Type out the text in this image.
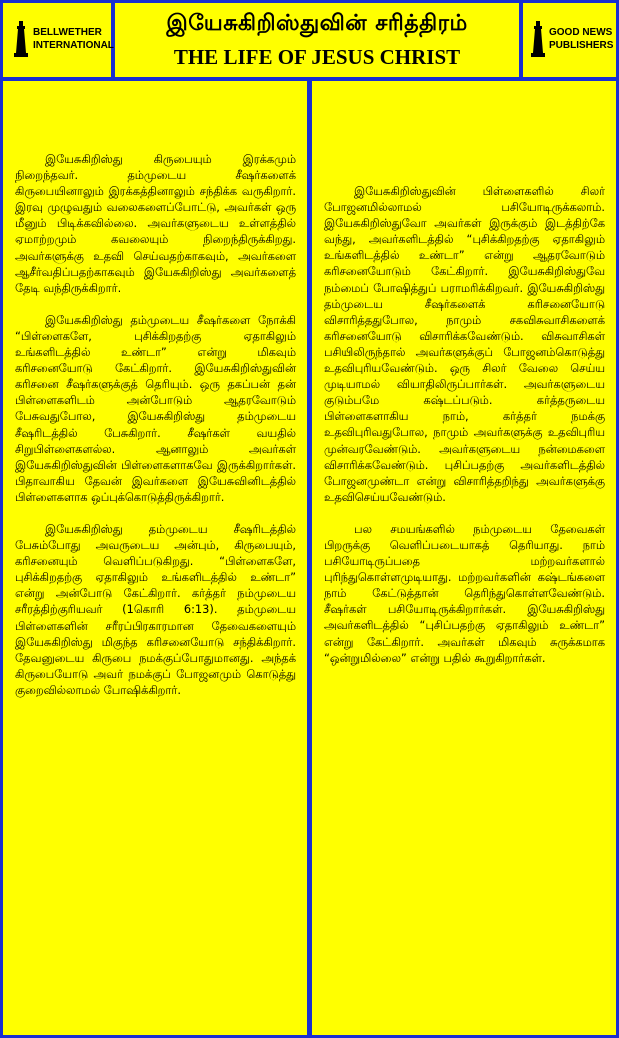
BELLWETHER
INTERNATIONAL
இயேசுகிறிஸ்துவின் சரித்திரம்
THE LIFE OF JESUS CHRIST
GOOD NEWS
PUBLISHERS

இயேசுகிறிஸ்து கிருபையும் இரக்கமும் நிறைந்தவர். தம்முடைய சீஷர்களைக் கிருபையினாலும் இரக்கத்தினாலும் சந்திக்க வருகிறார். இரவு முழுவதும் வலைகளைப்போட்டு, அவர்கள் ஒரு மீனும் பிடிக்கவில்லை. அவர்களுடைய உள்ளத்தில் ஏமாற்றமும் கவலையும் நிறைந்திருக்கிறது. அவர்களுக்கு உதவி செய்வதற்காகவும், அவர்களை ஆசீர்வதிப்பதற்காகவும் இயேசுகிறிஸ்து அவர்களைத் தேடி வந்திருக்கிறார்.

இயேசுகிறிஸ்து தம்முடைய சீஷர்களை நோக்கி “பிள்ளைகளே, புசிக்கிறதற்கு ஏதாகிலும் உங்களிடத்தில் உண்டா” என்று மிகவும் கரிசனையோடு கேட்கிறார். இயேசுகிறிஸ்துவின் கரிசனை சீஷர்களுக்குத் தெரியும். ஒரு தகப்பன் தன் பிள்ளைகளிடம் அன்போடும் ஆதரவோடும் பேசுவதுபோல, இயேசுகிறிஸ்து தம்முடைய சீஷரிடத்தில் பேசுகிறார். சீஷர்கள் வயதில் சிறுபிள்ளைகளல்ல. ஆனாலும் அவர்கள் இயேசுகிறிஸ்துவின் பிள்ளைகளாகவே இருக்கிறார்கள். பிதாவாகிய தேவன் இவர்களை இயேசுவினிடத்தில் பிள்ளைகளாக ஒப்புக்கொடுத்திருக்கிறார்.

இயேசுகிறிஸ்து தம்முடைய சீஷரிடத்தில் பேசும்போது அவருடைய அன்பும், கிருபையும், கரிசனையும் வெளிப்படுகிறது. “பிள்ளைகளே, புசிக்கிறதற்கு ஏதாகிலும் உங்களிடத்தில் உண்டா” என்று அன்போடு கேட்கிறார். கர்த்தர் நம்முடைய சரீரத்திற்குரியவர் (1கொரி 6:13). தம்முடைய பிள்ளைகளின் சரீரப்பிரகாரமான தேவைகளையும் இயேசுகிறிஸ்து மிகுந்த கரிசனையோடு சந்திக்கிறார். தேவனுடைய கிருபை நமக்குப்போதுமானது. அந்தக் கிருபையோடு அவர் நமக்குப் போஜனமும் கொடுத்து குறைவில்லாமல் போஷிக்கிறார்.

இயேசுகிறிஸ்துவின் பிள்ளைகளில் சிலர் போஜனமில்லாமல் பசியோடிருக்கலாம். இயேசுகிறிஸ்துவோ அவர்கள் இருக்கும் இடத்திற்கே வந்து, அவர்களிடத்தில் “புசிக்கிறதற்கு ஏதாகிலும் உங்களிடத்தில் உண்டா” என்று ஆதரவோடும் கரிசனையோடும் கேட்கிறார். இயேசுகிறிஸ்துவே நம்மைப் போஷித்துப் பராமரிக்கிறவர். இயேசுகிறிஸ்து தம்முடைய சீஷர்களைக் கரிசனையோடு விசாரித்ததுபோல, நாமும் சகவிசுவாசிகளைக் கரிசனையோடு விசாரிக்கவேண்டும். விசுவாசிகள் பசியிலிருந்தால் அவர்களுக்குப் போஜனம்கொடுத்து உதவிபுரியவேண்டும். ஒரு சிலர் வேலை செய்ய முடியாமல் வியாதிலிருப்பார்கள். அவர்களுடைய குடும்பமே கஷ்டப்படும். கர்த்தருடைய பிள்ளைகளாகிய நாம், கர்த்தர் நமக்கு உதவிபுரிவதுபோல, நாமும் அவர்களுக்கு உதவிபுரிய முன்வரவேண்டும். அவர்களுடைய நன்மைகளை விசாரிக்கவேண்டும். புசிப்பதற்கு அவர்களிடத்தில் போஜனமுண்டா என்று விசாரித்தறிந்து அவர்களுக்கு உதவிசெய்யவேண்டும்.

பல சமயங்களில் நம்முடைய தேவைகள் பிறருக்கு வெளிப்படையாகத் தெரியாது. நாம் பசியோடிருப்பதை மற்றவர்களால் புரிந்துகொள்ளமுடியாது. மற்றவர்களின் கஷ்டங்களை நாம் கேட்டுத்தான் தெரிந்துகொள்ளவேண்டும். சீஷர்கள் பசியோடிருக்கிறார்கள். இயேசுகிறிஸ்து அவர்களிடத்தில் “புசிப்பதற்கு ஏதாகிலும் உண்டா” என்று கேட்கிறார். அவர்கள் மிகவும் சுருக்கமாக “ஒன்றுமில்லை” என்று பதில் கூறுகிறார்கள்.
